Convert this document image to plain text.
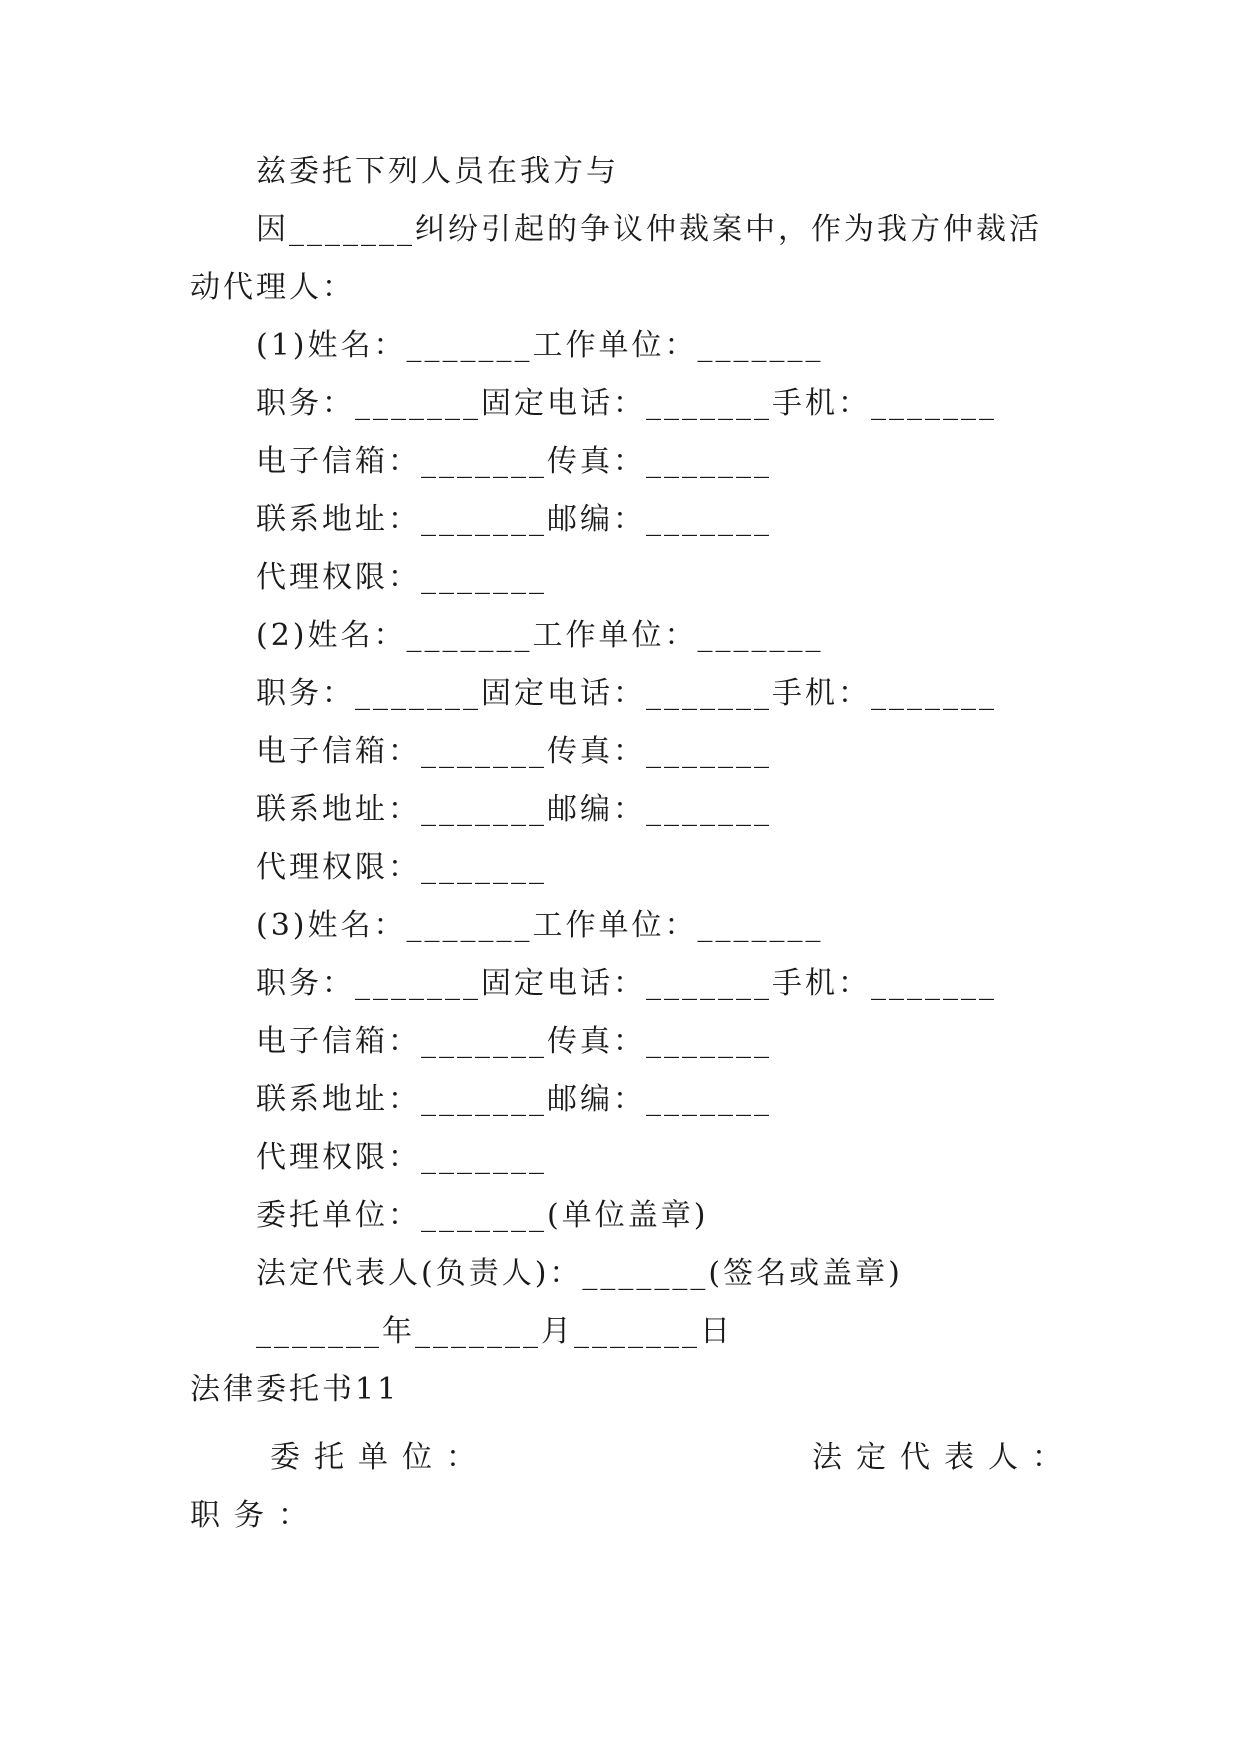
兹委托下列人员在我方与

因_______纠纷引起的争议仲裁案中，作为我方仲裁活

动代理人：

(1)姓名：_______工作单位：_______

职务：_______固定电话：_______手机：_______

电子信箱：_______传真：_______

联系地址：_______邮编：_______

代理权限：_______

(2)姓名：_______工作单位：_______

职务：_______固定电话：_______手机：_______

电子信箱：_______传真：_______

联系地址：_______邮编：_______

代理权限：_______

(3)姓名：_______工作单位：_______

职务：_______固定电话：_______手机：_______

电子信箱：_______传真：_______

联系地址：_______邮编：_______

代理权限：_______

委托单位：_______(单位盖章)

法定代表人(负责人)：_______(签名或盖章)

_______年_______月_______日

法律委托书11

委托单位：	法定代表人：

职务：
